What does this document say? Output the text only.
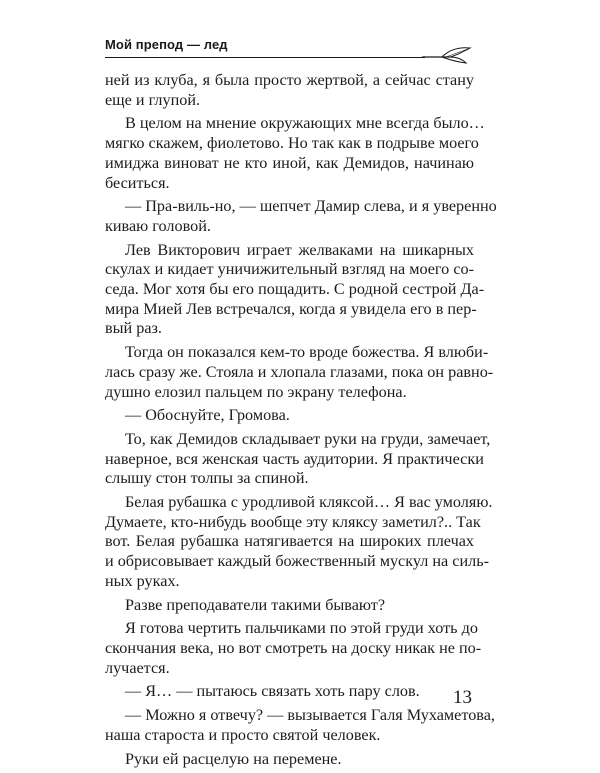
Мой препод — лед

ней из клуба, я была просто жертвой, а сейчас стану
еще и глупой.

В целом на мнение окружающих мне всегда было…
мягко скажем, фиолетово. Но так как в подрыве моего
имиджа виноват не кто иной, как Демидов, начинаю
беситься.

— Пра-виль-но, — шепчет Дамир слева, и я уверенно
киваю головой.

Лев Викторович играет желваками на шикарных
скулах и кидает уничижительный взгляд на моего со-
седа. Мог хотя бы его пощадить. С родной сестрой Да-
мира Мией Лев встречался, когда я увидела его в пер-
вый раз.

Тогда он показался кем-то вроде божества. Я влюби-
лась сразу же. Стояла и хлопала глазами, пока он равно-
душно елозил пальцем по экрану телефона.

— Обоснуйте, Громова.

То, как Демидов складывает руки на груди, замечает,
наверное, вся женская часть аудитории. Я практически
слышу стон толпы за спиной.

Белая рубашка с уродливой кляксой… Я вас умоляю.
Думаете, кто-нибудь вообще эту кляксу заметил?.. Так
вот. Белая рубашка натягивается на широких плечах
и обрисовывает каждый божественный мускул на силь-
ных руках.

Разве преподаватели такими бывают?

Я готова чертить пальчиками по этой груди хоть до
скончания века, но вот смотреть на доску никак не по-
лучается.

— Я… — пытаюсь связать хоть пару слов.

— Можно я отвечу? — вызывается Галя Мухаметова,
наша староста и просто святой человек.

Руки ей расцелую на перемене.

13
